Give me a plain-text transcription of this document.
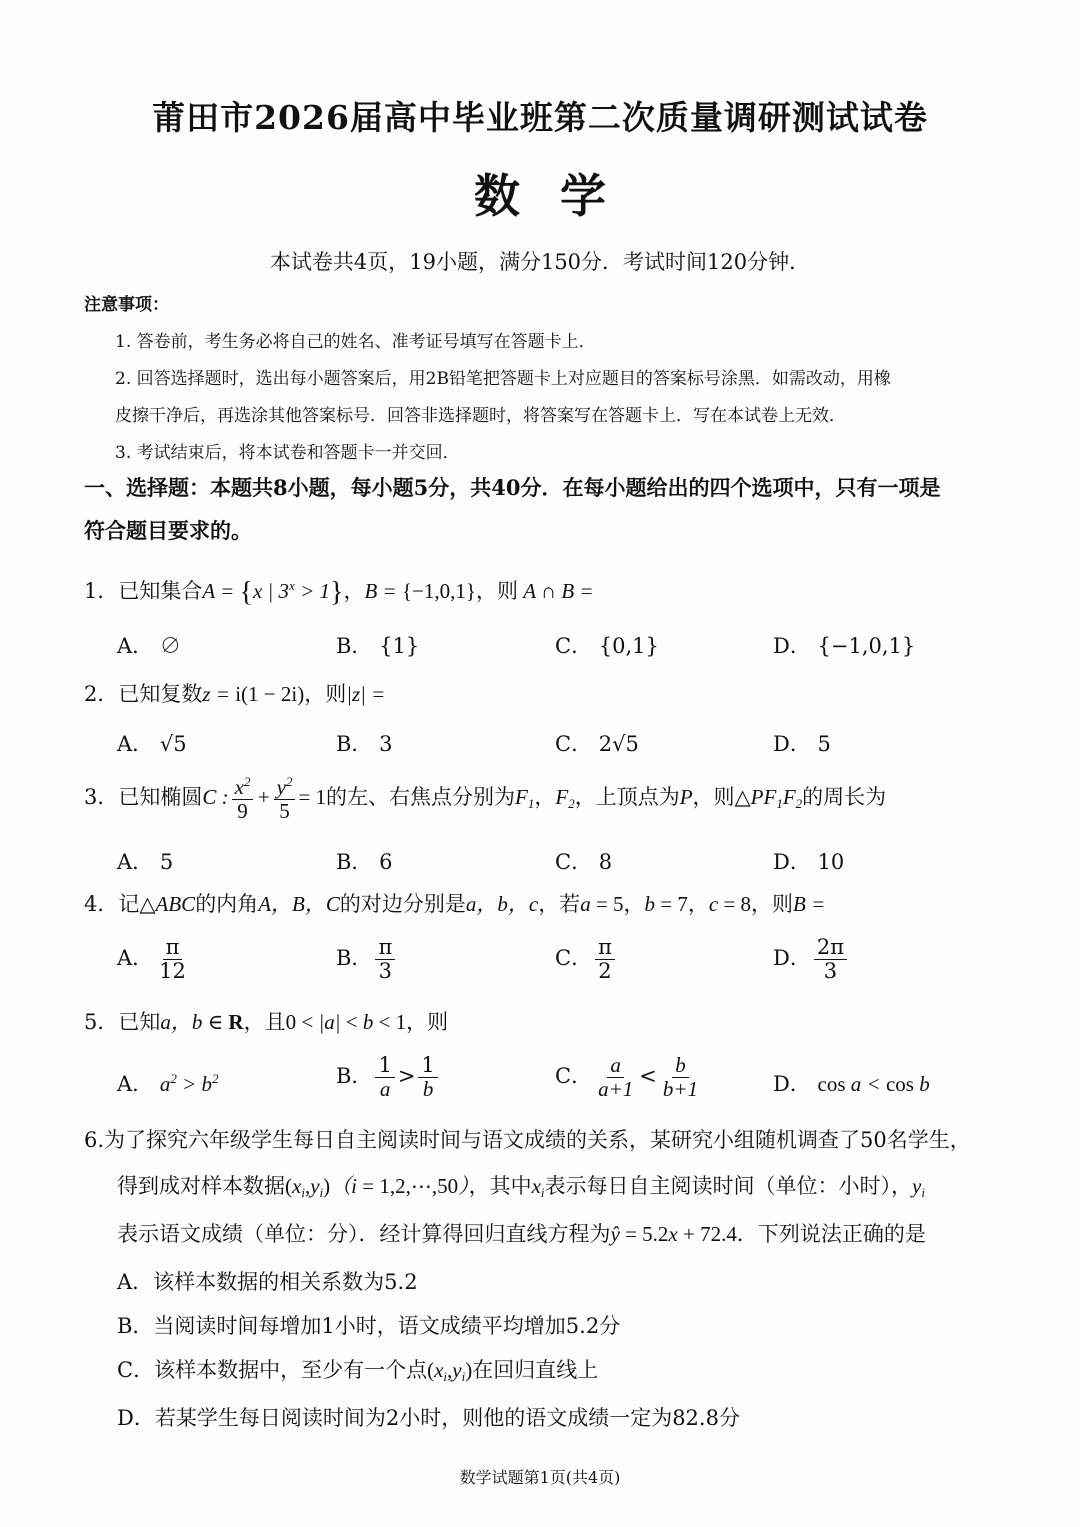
莆田市2026届高中毕业班第二次质量调研测试试卷
数学
本试卷共4页，19小题，满分150分．考试时间120分钟．
注意事项：
1. 答卷前，考生务必将自己的姓名、准考证号填写在答题卡上．
2. 回答选择题时，选出每小题答案后，用2B铅笔把答题卡上对应题目的答案标号涂黑．如需改动，用橡
皮擦干净后，再选涂其他答案标号．回答非选择题时，将答案写在答题卡上．写在本试卷上无效．
3. 考试结束后，将本试卷和答题卡一并交回．
一、选择题：本题共8小题，每小题5分，共40分．在每小题给出的四个选项中，只有一项是
符合题目要求的。
1．已知集合A = {x | $3^x > 1$}，B = {−1,0,1}，则 A ∩ B =
A． ∅	B． {1}	C． {0,1}	D． {−1,0,1}
2．已知复数z = i(1 − 2i)，则|z| =
A． √5	B． 3	C． 2√5	D． 5
3．已知椭圆C : $\frac{x^2}{9} + \frac{y^2}{5} = 1$的左、右焦点分别为$F_1$，$F_2$，上顶点为P，则$\triangle PF_1F_2$的周长为
A． 5	B． 6	C． 8	D． 10
4．记△ABC的内角A，B，C的对边分别是a，b，c，若a = 5，b = 7，c = 8，则B =
A． $\frac{\pi}{12}$	B． $\frac{\pi}{3}$	C． $\frac{\pi}{2}$	D． $\frac{2\pi}{3}$
5．已知a，b ∈ R，且0 < |a| < b < 1，则
A． $a^2 > b^2$	B． $\frac{1}{a} > \frac{1}{b}$	C． $\frac{a}{a+1} < \frac{b}{b+1}$	D． cos a < cos b
6.为了探究六年级学生每日自主阅读时间与语文成绩的关系，某研究小组随机调查了50名学生，
得到成对样本数据$(x_i,y_i)(i$ = 1,2,⋯,50），其中$x_i$表示每日自主阅读时间（单位：小时），$y_i$
表示语文成绩（单位：分）．经计算得回归直线方程为ŷ = 5.2x + 72.4．下列说法正确的是
A．该样本数据的相关系数为5.2
B．当阅读时间每增加1小时，语文成绩平均增加5.2分
C．该样本数据中，至少有一个点$(x_i,y_i)$在回归直线上
D．若某学生每日阅读时间为2小时，则他的语文成绩一定为82.8分
数学试题第1页(共4页)
